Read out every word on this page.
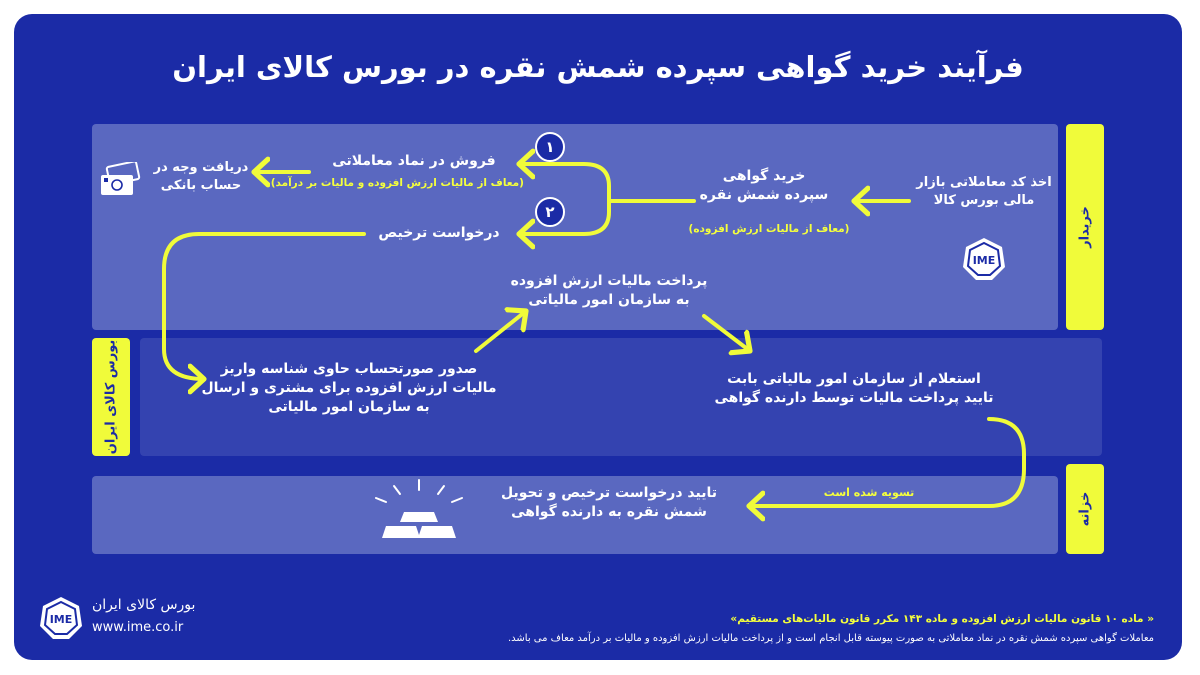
فرآیند خرید گواهی سپرده شمش نقره در بورس کالای ایران
خریدار
بورس کالای ایران
خزانه
۱
۲
اخذ کد معاملاتی بازار مالی بورس کالا
IME
خرید گواهی سپرده شمش نقره
(معاف از مالیات ارزش افزوده)
فروش در نماد معاملاتی
(معاف از مالیات ارزش افزوده و مالیات بر درآمد)
دریافت وجه در حساب بانکی
درخواست ترخیص
پرداخت مالیات ارزش افزوده به سازمان امور مالیاتی
صدور صورتحساب حاوی شناسه واریز مالیات ارزش افزوده برای مشتری و ارسال به سازمان امور مالیاتی
استعلام از سازمان امور مالیاتی بابت تایید پرداخت مالیات توسط دارنده گواهی
تسویه شده است
تایید درخواست ترخیص و تحویل شمش نقره به دارنده گواهی
IME
بورس کالای ایران
www.ime.co.ir
« ماده ۱۰ قانون مالیات ارزش افزوده و ماده ۱۴۳ مکرر قانون مالیات‌های مستقیم»
معاملات گواهی سپرده شمش نقره در نماد معاملاتی به صورت پیوسته قابل انجام است و از پرداخت مالیات ارزش افزوده و مالیات بر درآمد معاف می باشد.
